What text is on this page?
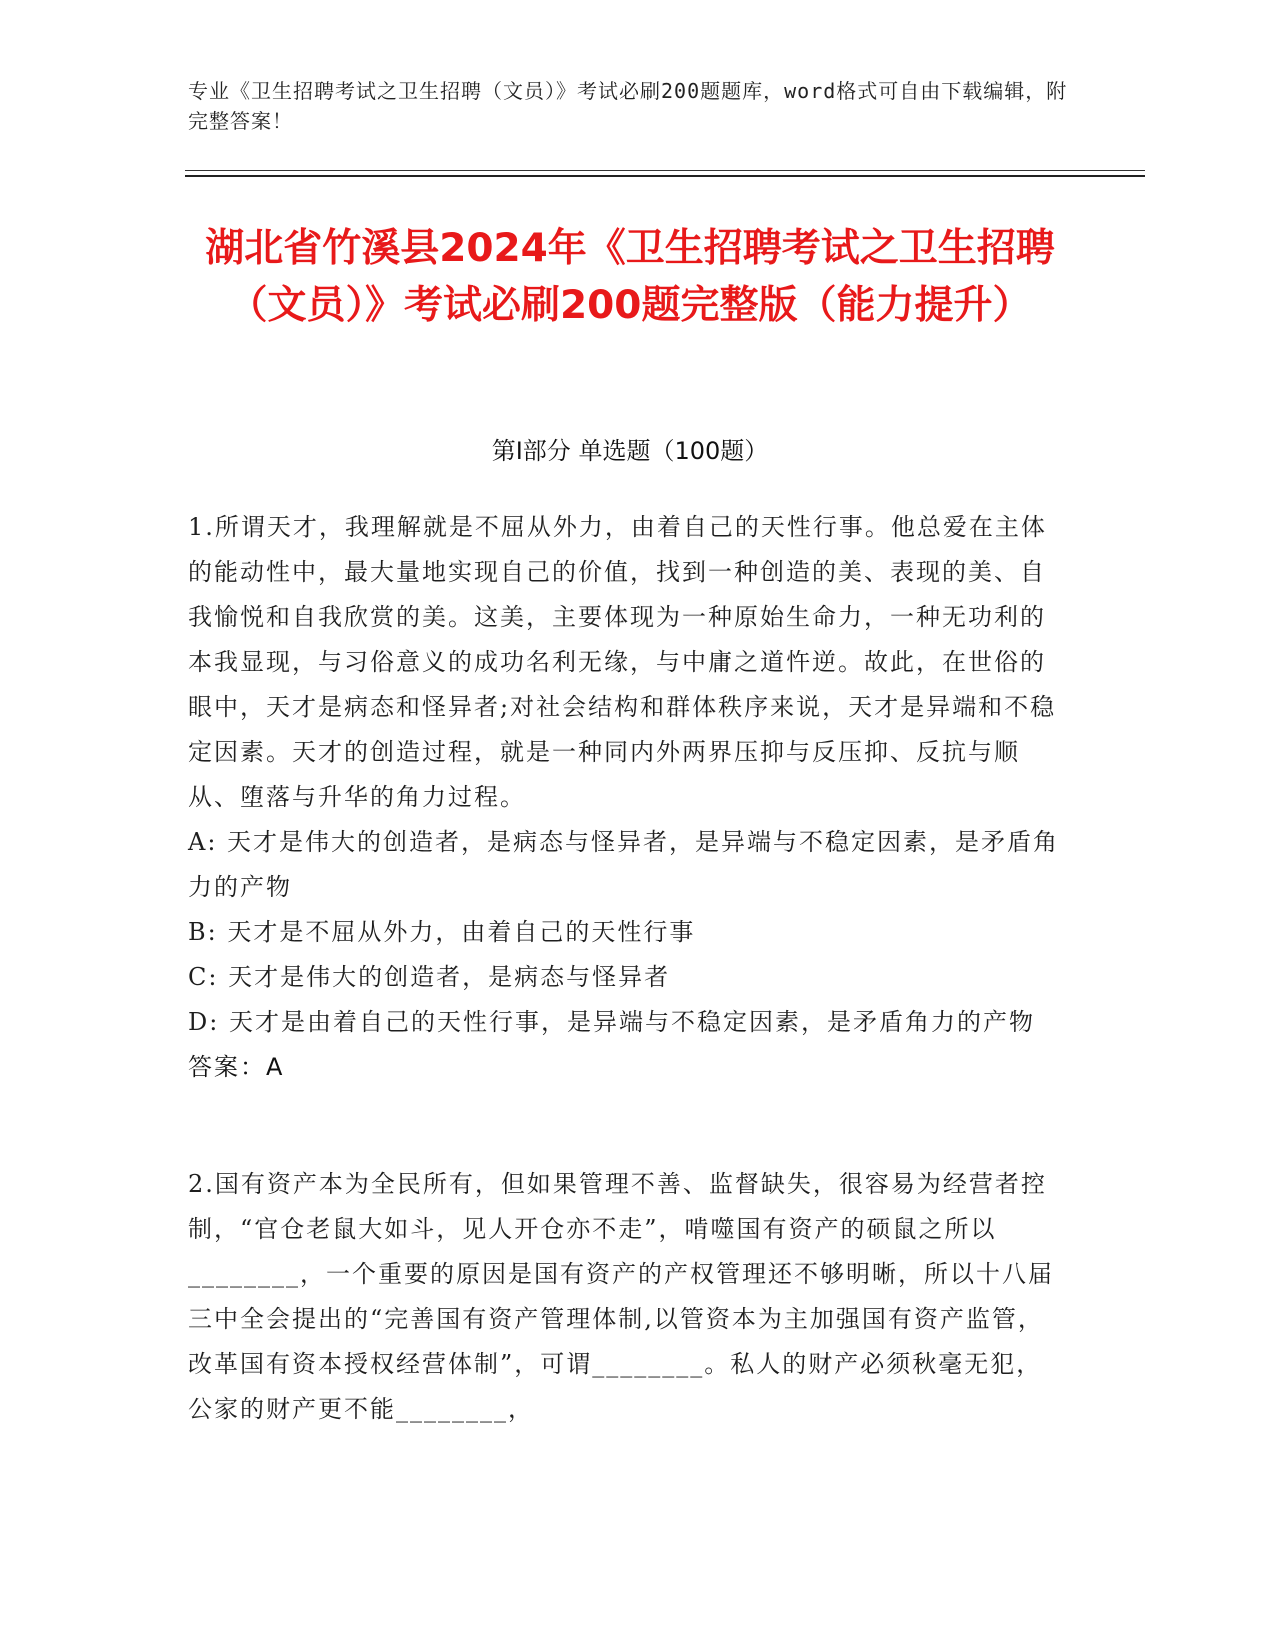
专业《卫生招聘考试之卫生招聘（文员）》考试必刷200题题库，word格式可自由下载编辑，附完整答案！
湖北省竹溪县2024年《卫生招聘考试之卫生招聘（文员）》考试必刷200题完整版（能力提升）
第I部分 单选题（100题）

1.所谓天才，我理解就是不屈从外力，由着自己的天性行事。他总爱在主体的能动性中，最大量地实现自己的价值，找到一种创造的美、表现的美、自我愉悦和自我欣赏的美。这美，主要体现为一种原始生命力，一种无功利的本我显现，与习俗意义的成功名利无缘，与中庸之道忤逆。故此，在世俗的眼中，天才是病态和怪异者;对社会结构和群体秩序来说，天才是异端和不稳定因素。天才的创造过程，就是一种同内外两界压抑与反压抑、反抗与顺从、堕落与升华的角力过程。

A: 天才是伟大的创造者，是病态与怪异者，是异端与不稳定因素，是矛盾角力的产物

B: 天才是不屈从外力，由着自己的天性行事

C: 天才是伟大的创造者，是病态与怪异者

D: 天才是由着自己的天性行事，是异端与不稳定因素，是矛盾角力的产物

答案：A

2.国有资产本为全民所有，但如果管理不善、监督缺失，很容易为经营者控制，“官仓老鼠大如斗，见人开仓亦不走”，啃噬国有资产的硕鼠之所以________，一个重要的原因是国有资产的产权管理还不够明晰，所以十八届三中全会提出的“完善国有资产管理体制,以管资本为主加强国有资产监管，改革国有资本授权经营体制”，可谓________。私人的财产必须秋毫无犯，公家的财产更不能________，
